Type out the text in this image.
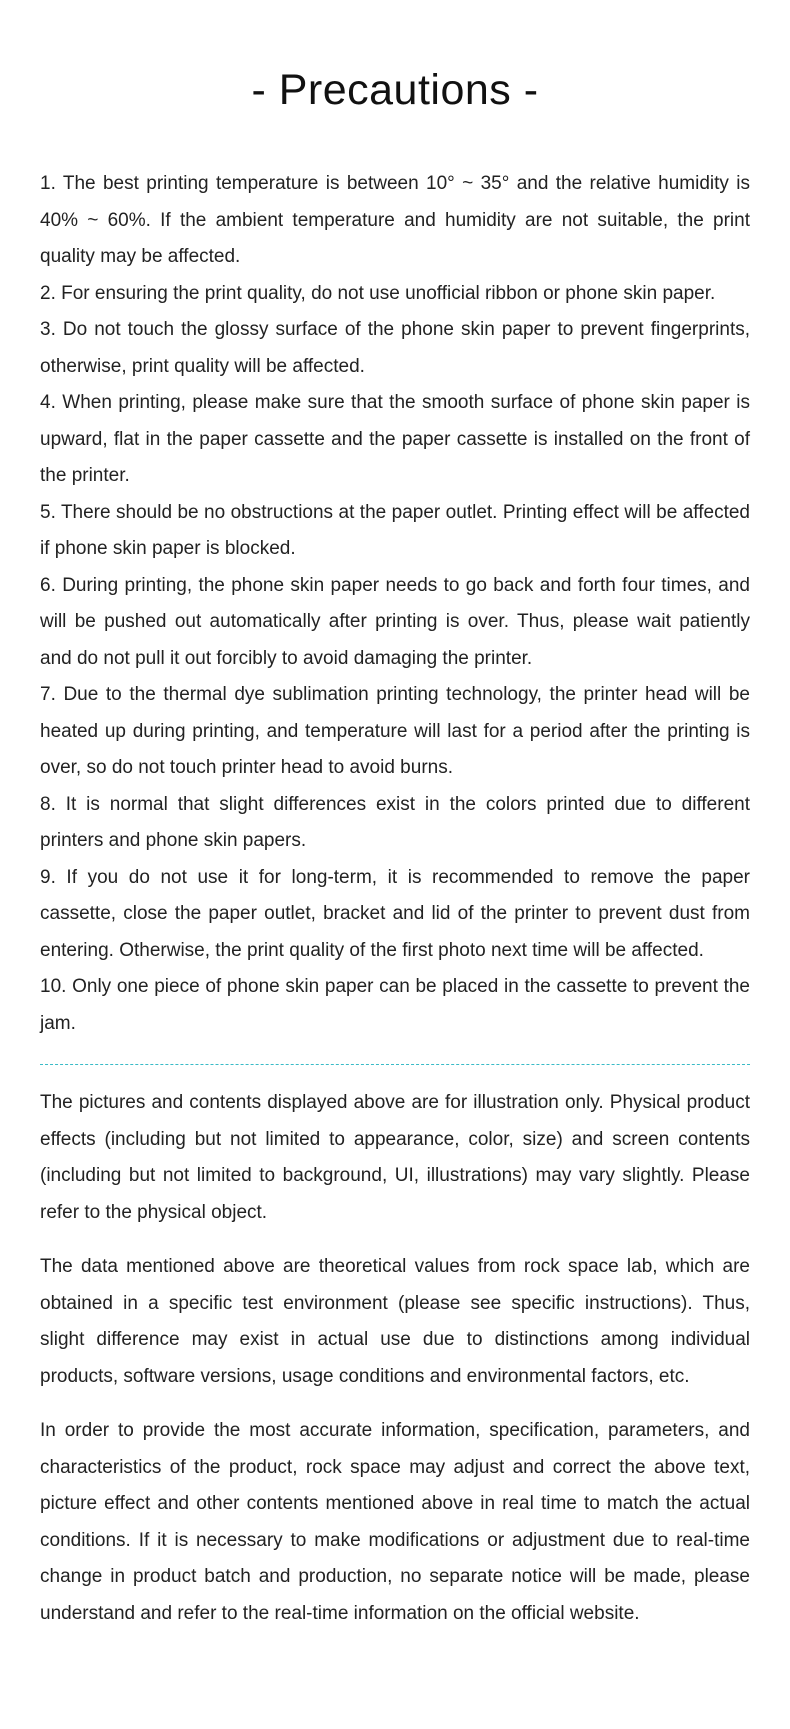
- Precautions -
1. The best printing temperature is between 10° ~ 35° and the relative humidity is 40% ~ 60%. If the ambient temperature and humidity are not suitable, the print quality may be affected.
2. For ensuring the print quality, do not use unofficial ribbon or phone skin paper.
3. Do not touch the glossy surface of the phone skin paper to prevent fingerprints, otherwise, print quality will be affected.
4. When printing, please make sure that the smooth surface of phone skin paper is upward, flat in the paper cassette and the paper cassette is installed on the front of the printer.
5. There should be no obstructions at the paper outlet. Printing effect will be affected if phone skin paper is blocked.
6. During printing, the phone skin paper needs to go back and forth four times, and will be pushed out automatically after printing is over. Thus, please wait patiently and do not pull it out forcibly to avoid damaging the printer.
7. Due to the thermal dye sublimation printing technology, the printer head will be heated up during printing, and temperature will last for a period after the printing is over, so do not touch printer head to avoid burns.
8. It is normal that slight differences exist in the colors printed due to different printers and phone skin papers.
9. If you do not use it for long-term, it is recommended to remove the paper cassette, close the paper outlet, bracket and lid of the printer to prevent dust from entering. Otherwise, the print quality of the first photo next time will be affected.
10. Only one piece of phone skin paper can be placed in the cassette to prevent the jam.

The pictures and contents displayed above are for illustration only. Physical product effects (including but not limited to appearance, color, size) and screen contents (including but not limited to background, UI, illustrations) may vary slightly. Please refer to the physical object.

The data mentioned above are theoretical values from rock space lab, which are obtained in a specific test environment (please see specific instructions). Thus, slight difference may exist in actual use due to distinctions among individual products, software versions, usage conditions and environmental factors, etc.

In order to provide the most accurate information, specification, parameters, and characteristics of the product, rock space may adjust and correct the above text, picture effect and other contents mentioned above in real time to match the actual conditions. If it is necessary to make modifications or adjustment due to real-time change in product batch and production, no separate notice will be made, please understand and refer to the real-time information on the official website.
